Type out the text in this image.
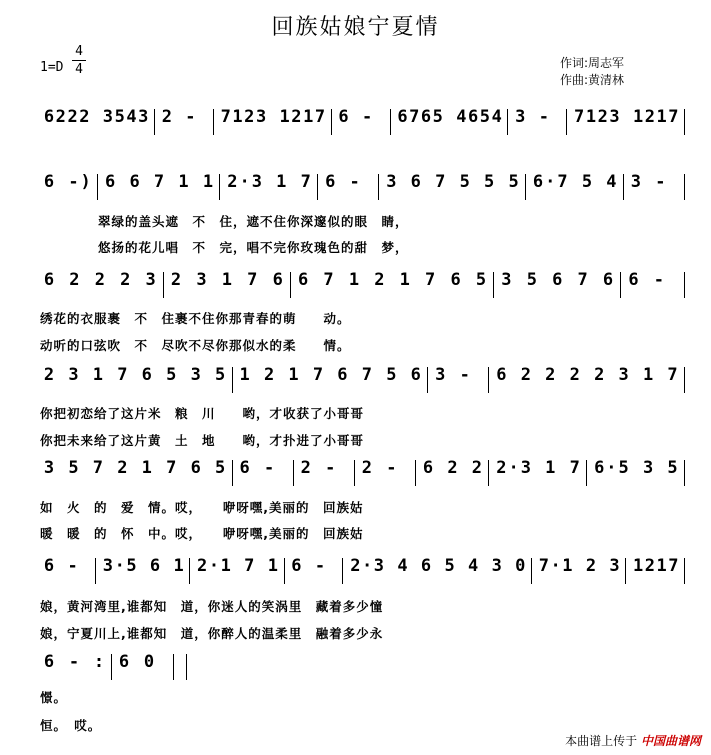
回族姑娘宁夏情
1=D
4
4	作词:周志军
作曲:黄清林
6 2 2 2 3 5 4 3 2 - 7 1 2 3 1 2 1 7 6 - 6 7 6 5 4 6 5 4 3 - 7 1 2 3 1 2 1 7
6 - ) 6 6 7 1 1 2 · 3 1 7 6 - 3 6 7 5 5 5 6 · 7 5 4 3 -
6 2 2 2 3 2 3 1 7 6 6 7 1 2 1 7 6 5 3 5 6 7 6 6 -
2 3 1 7 6 5 3 5 1 2 1 7 6 7 5 6 3 - 6 2 2 2 2 3 1 7
3 5 7 2 1 7 6 5 6 - 2 - 2 - 6 2 2 2 · 3 1 7 6 · 5 3 5
6 - 3 · 5 6 1 2 · 1 7 1 6 - 2 · 3 4 6 5 4 3 0 7 · 1 2 3 1 2 1 7
6 - : 6 0
翠绿的盖头遮　不　住，遮不住你深邃似的眼　睛，
悠扬的花儿唱　不　完，唱不完你玫瑰色的甜　梦，
绣花的衣服裹　不　住裹不住你那青春的萌　　动。
动听的口弦吹　不　尽吹不尽你那似水的柔　　情。
你把初恋给了这片米　粮　川　　哟，才收获了小哥哥
你把未来给了这片黄　土　地　　哟，才扑进了小哥哥
如　火　的　爱　情。哎，　　咿呀嘿,美丽的　回族姑
暖　暖　的　怀　中。哎，　　咿呀嘿,美丽的　回族姑
娘，黄河湾里,谁都知　道，你迷人的笑涡里　藏着多少憧
娘，宁夏川上,谁都知　道，你醉人的温柔里　融着多少永
憬。
恒。　哎。
本曲谱上传于 中国曲谱网
